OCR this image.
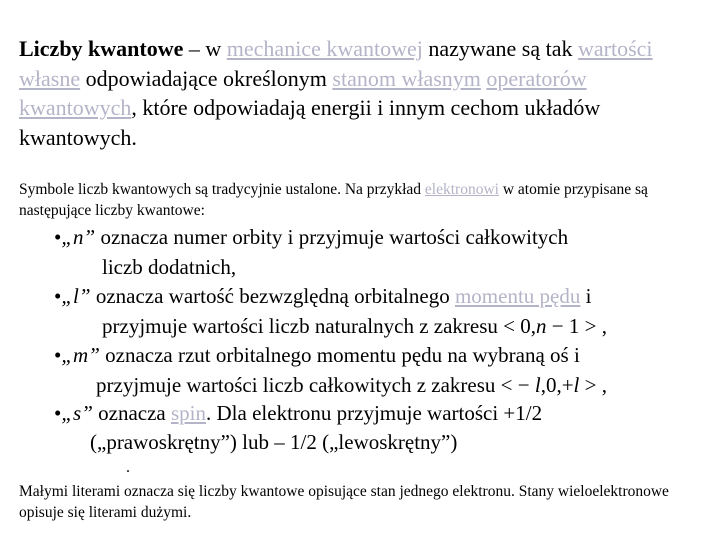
Liczby kwantowe – w mechanice kwantowej nazywane są tak wartości własne odpowiadające określonym stanom własnym operatorów kwantowych, które odpowiadają energii i innym cechom układów kwantowych.

Symbole liczb kwantowych są tradycyjnie ustalone. Na przykład elektronowi w atomie przypisane są następujące liczby kwantowe:

•„n” oznacza numer orbity i przyjmuje wartości całkowitych
liczb dodatnich,
•„l” oznacza wartość bezwzględną orbitalnego momentu pędu i
przyjmuje wartości liczb naturalnych z zakresu < 0,n − 1 > ,
•„m” oznacza rzut orbitalnego momentu pędu na wybraną oś i
przyjmuje wartości liczb całkowitych z zakresu < − l,0,+l > ,
•„s” oznacza spin. Dla elektronu przyjmuje wartości +1/2
(„prawoskrętny”) lub – 1/2 („lewoskrętny”)
.

Małymi literami oznacza się liczby kwantowe opisujące stan jednego elektronu. Stany wieloelektronowe opisuje się literami dużymi.
